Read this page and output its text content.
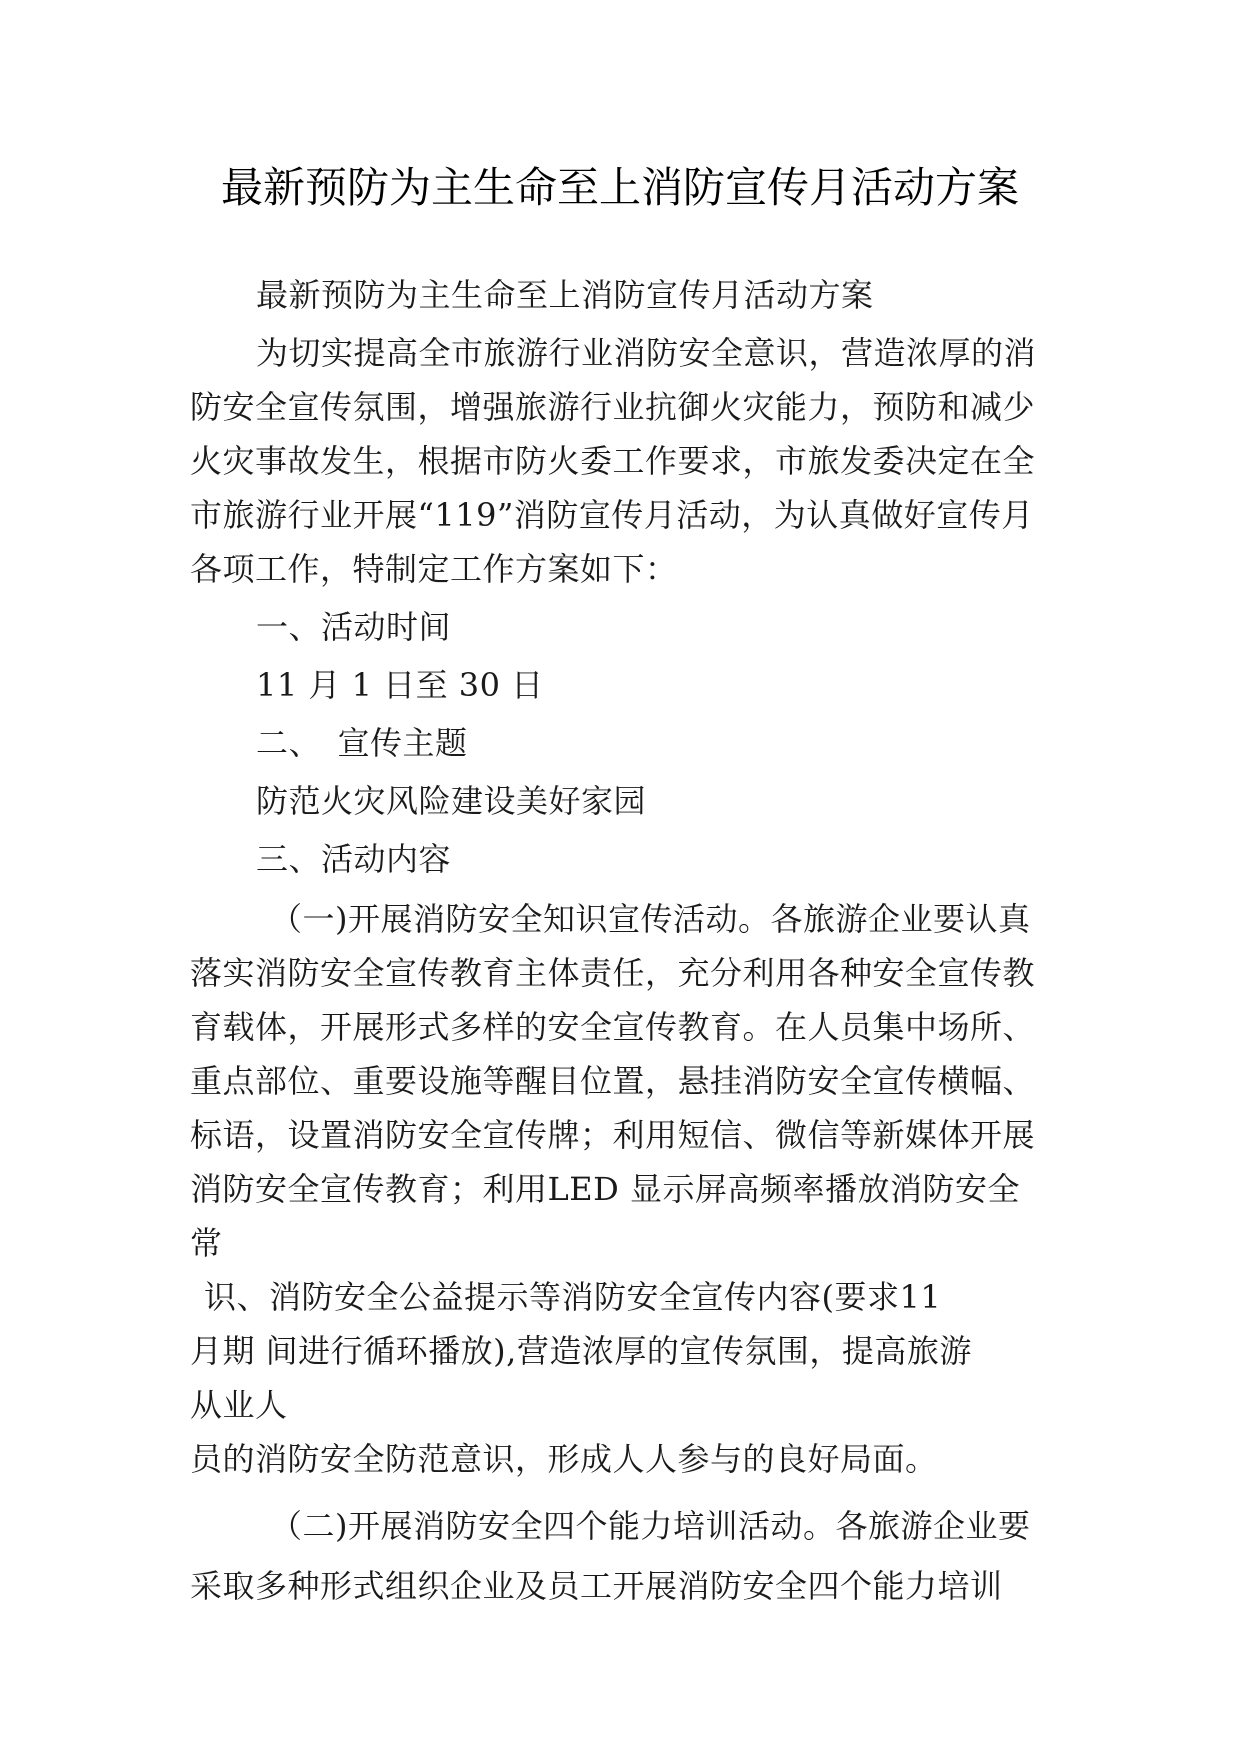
最新预防为主生命至上消防宣传月活动方案

最新预防为主生命至上消防宣传月活动方案

为切实提高全市旅游行业消防安全意识，营造浓厚的消防安全宣传氛围，增强旅游行业抗御火灾能力，预防和减少火灾事故发生，根据市防火委工作要求，市旅发委决定在全市旅游行业开展“119”消防宣传月活动，为认真做好宣传月各项工作，特制定工作方案如下：

一、活动时间

11 月 1 日至 30 日

二、　宣传主题

防范火灾风险建设美好家园

三、活动内容

（一)开展消防安全知识宣传活动。各旅游企业要认真落实消防安全宣传教育主体责任，充分利用各种安全宣传教育载体，开展形式多样的安全宣传教育。在人员集中场所、重点部位、重要设施等醒目位置，悬挂消防安全宣传横幅、标语，设置消防安全宣传牌；利用短信、微信等新媒体开展消防安全宣传教育；利用LED 显示屏高频率播放消防安全常

识、消防安全公益提示等消防安全宣传内容(要求11

月期 间进行循环播放),营造浓厚的宣传氛围，提高旅游

从业人

员的消防安全防范意识，形成人人参与的良好局面。

（二)开展消防安全四个能力培训活动。各旅游企业要采取多种形式组织企业及员工开展消防安全四个能力培训
